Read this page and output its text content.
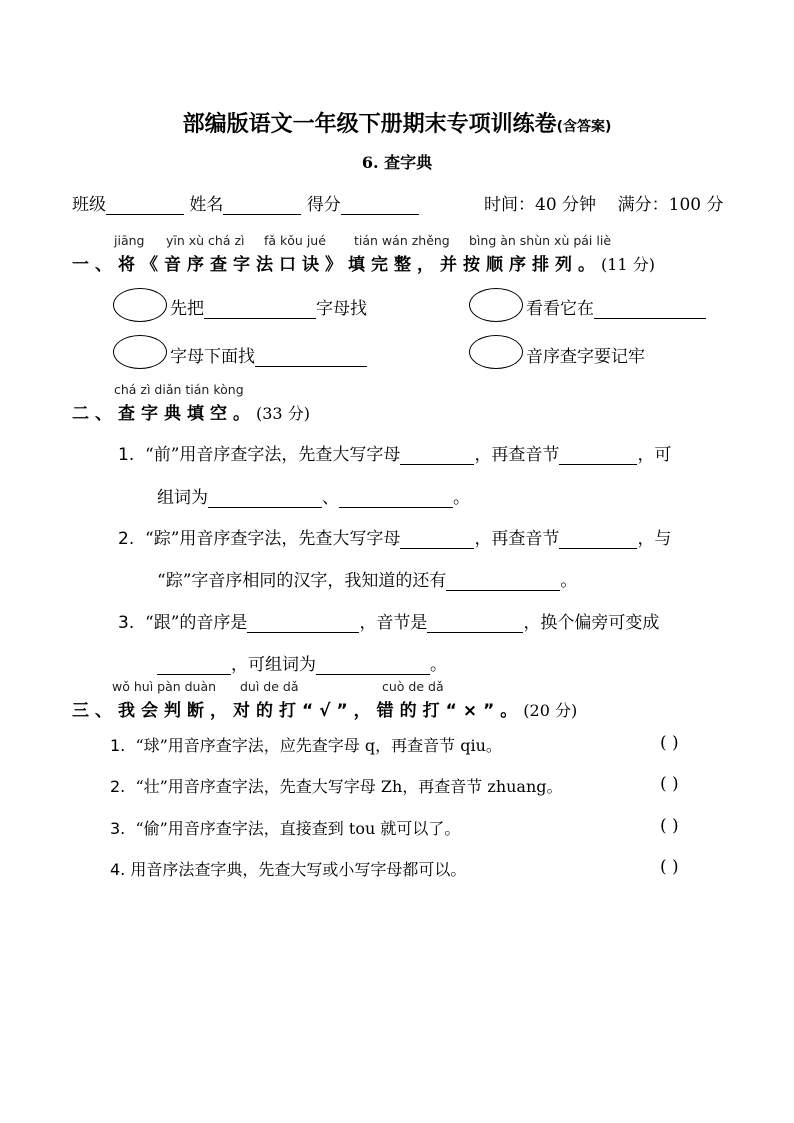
部编版语文一年级下册期末专项训练卷(含答案)
6. 查字典
班级	姓名	得分	时间：40 分钟 满分：100 分
jiāng yīn xù chá zì fǎ kǒu jué tián wán zhěng bìng àn shùn xù pái liè
一、将《音序查字法口诀》填完整，并按顺序排列。(11 分)
先把	字母找	看看它在
字母下面找	音序查字要记牢
chá zì diǎn tián kòng
二、查字典填空。(33 分)
1. “前”用音序查字法，先查大写字母	，再查音节	，可
组词为	、	。
2. “踪”用音序查字法，先查大写字母	，再查音节	，与
“踪”字音序相同的汉字，我知道的还有	。
3. “跟”的音序是	，音节是	，换个偏旁可变成
，可组词为	。
wǒ huì pàn duàn duì de dǎ	cuò de dǎ
三、我会判断，对的打“√”，错的打“×”。(20 分)
1. “球”用音序查字法，应先查字母 q，再查音节 qiu。	( )
2. “壮”用音序查字法，先查大写字母 Zh，再查音节 zhuang。	( )
3. “偷”用音序查字法，直接查到 tou 就可以了。	( )
4. 用音序法查字典，先查大写或小写字母都可以。	( )
